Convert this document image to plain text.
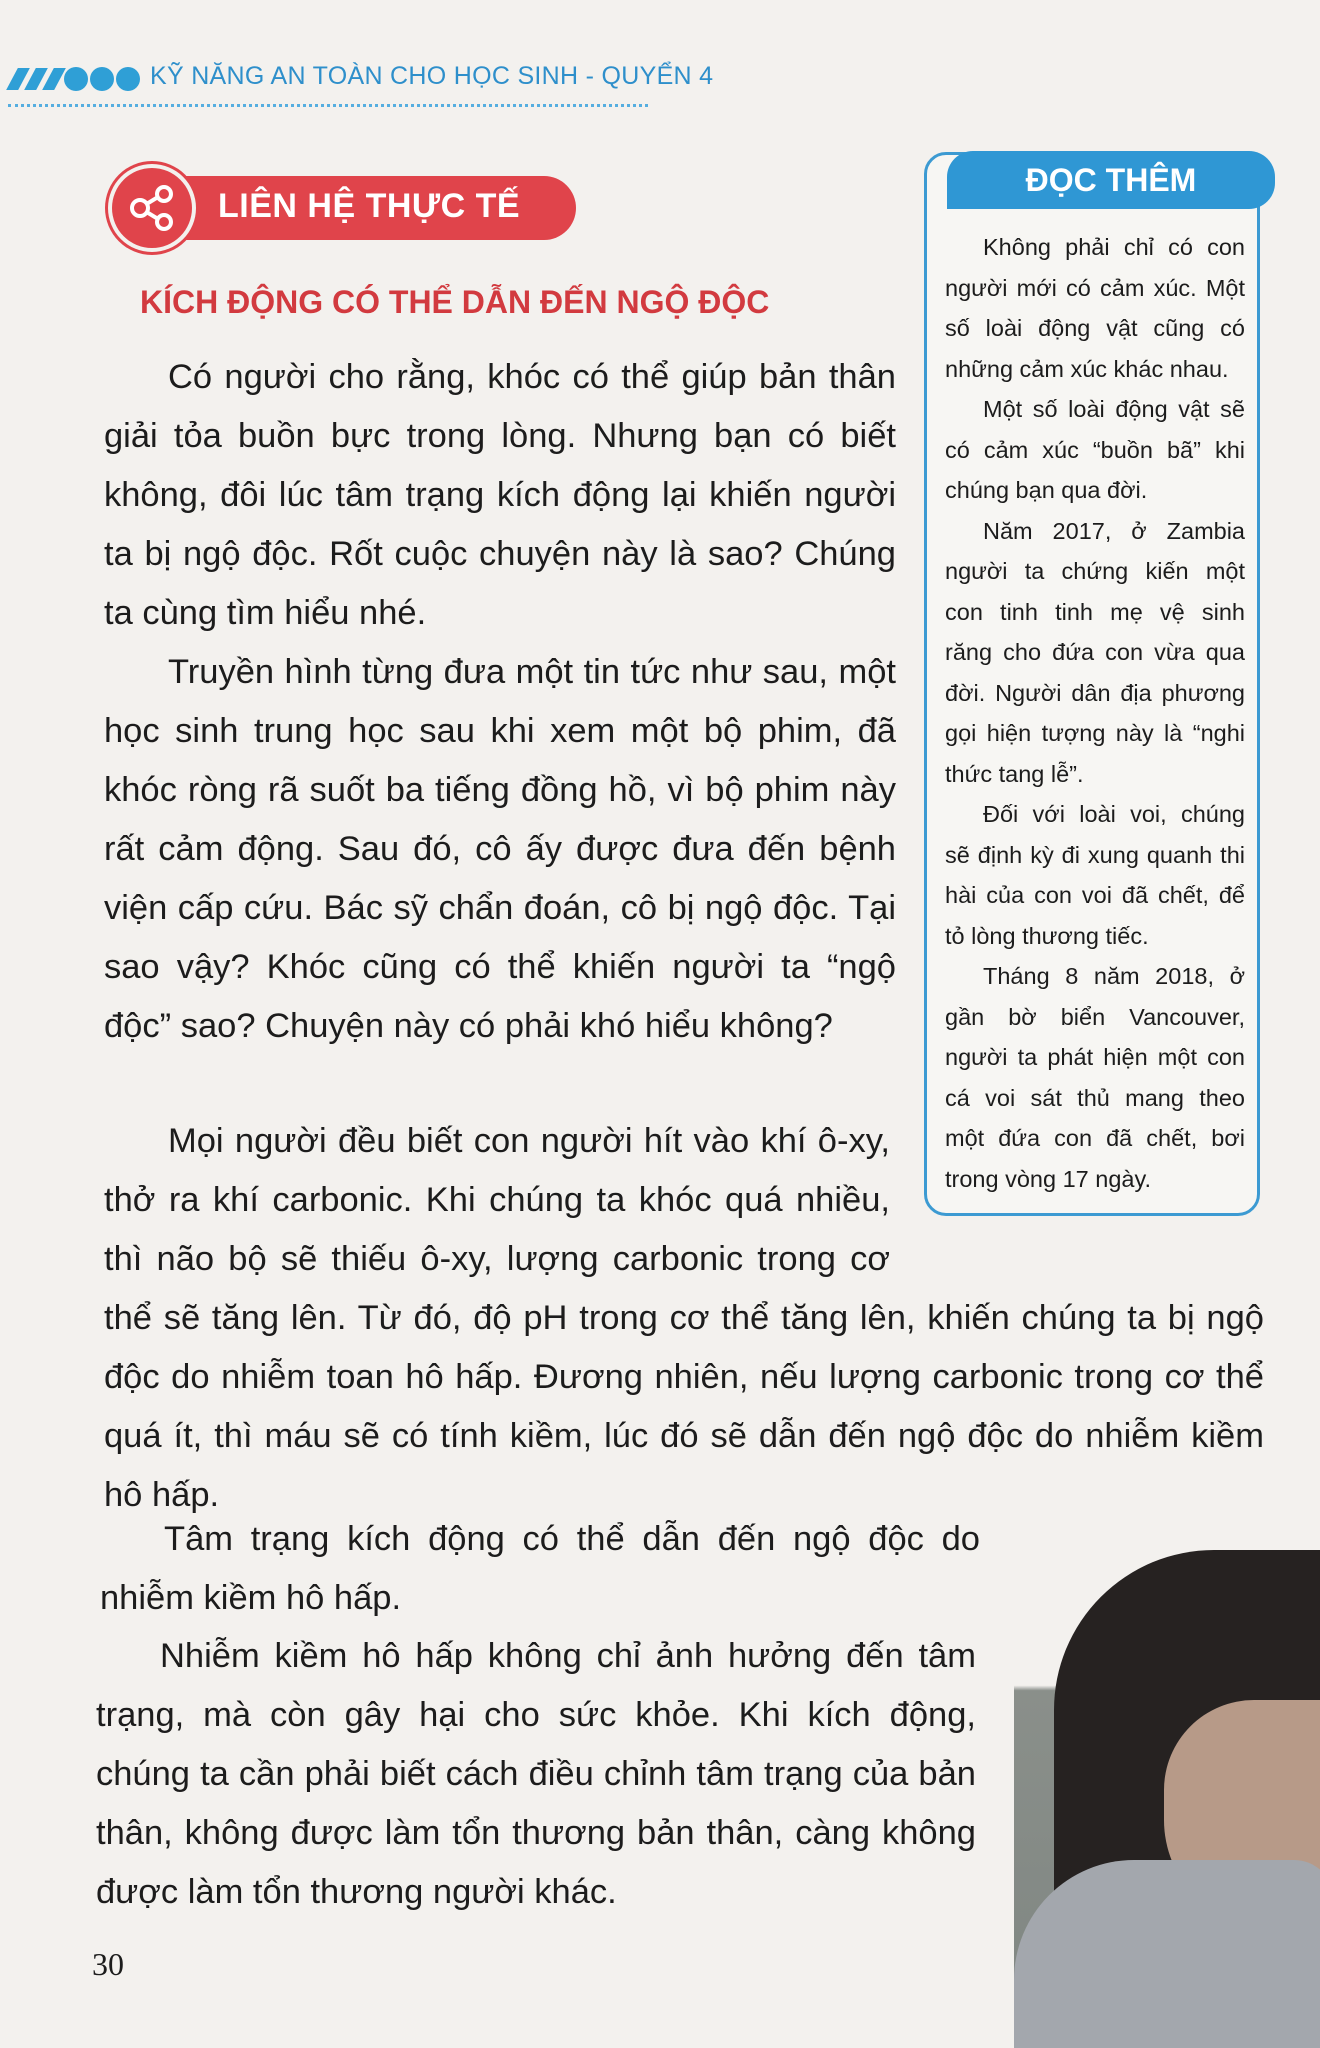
KỸ NĂNG AN TOÀN CHO HỌC SINH - QUYỂN 4
LIÊN HỆ THỰC TẾ
KÍCH ĐỘNG CÓ THỂ DẪN ĐẾN NGỘ ĐỘC

Có người cho rằng, khóc có thể giúp bản thân giải tỏa buồn bực trong lòng. Nhưng bạn có biết không, đôi lúc tâm trạng kích động lại khiến người ta bị ngộ độc. Rốt cuộc chuyện này là sao? Chúng ta cùng tìm hiểu nhé.

Truyền hình từng đưa một tin tức như sau, một học sinh trung học sau khi xem một bộ phim, đã khóc ròng rã suốt ba tiếng đồng hồ, vì bộ phim này rất cảm động. Sau đó, cô ấy được đưa đến bệnh viện cấp cứu. Bác sỹ chẩn đoán, cô bị ngộ độc. Tại sao vậy? Khóc cũng có thể khiến người ta “ngộ độc” sao? Chuyện này có phải khó hiểu không?

Mọi người đều biết con người hít vào khí ô-xy, thở ra khí carbonic. Khi chúng ta khóc quá nhiều, thì não bộ sẽ thiếu ô-xy, lượng carbonic trong cơ thể sẽ tăng lên. Từ đó, độ pH trong cơ thể tăng lên, khiến chúng ta bị ngộ độc do nhiễm toan hô hấp. Đương nhiên, nếu lượng carbonic trong cơ thể quá ít, thì máu sẽ có tính kiềm, lúc đó sẽ dẫn đến ngộ độc do nhiễm kiềm hô hấp.

Tâm trạng kích động có thể dẫn đến ngộ độc do nhiễm kiềm hô hấp.

Nhiễm kiềm hô hấp không chỉ ảnh hưởng đến tâm trạng, mà còn gây hại cho sức khỏe. Khi kích động, chúng ta cần phải biết cách điều chỉnh tâm trạng của bản thân, không được làm tổn thương bản thân, càng không được làm tổn thương người khác.

ĐỌC THÊM

Không phải chỉ có con người mới có cảm xúc. Một số loài động vật cũng có những cảm xúc khác nhau.

Một số loài động vật sẽ có cảm xúc “buồn bã” khi chúng bạn qua đời.

Năm 2017, ở Zambia người ta chứng kiến một con tinh tinh mẹ vệ sinh răng cho đứa con vừa qua đời. Người dân địa phương gọi hiện tượng này là “nghi thức tang lễ”.

Đối với loài voi, chúng sẽ định kỳ đi xung quanh thi hài của con voi đã chết, để tỏ lòng thương tiếc.

Tháng 8 năm 2018, ở gần bờ biển Vancouver, người ta phát hiện một con cá voi sát thủ mang theo một đứa con đã chết, bơi trong vòng 17 ngày.

30
